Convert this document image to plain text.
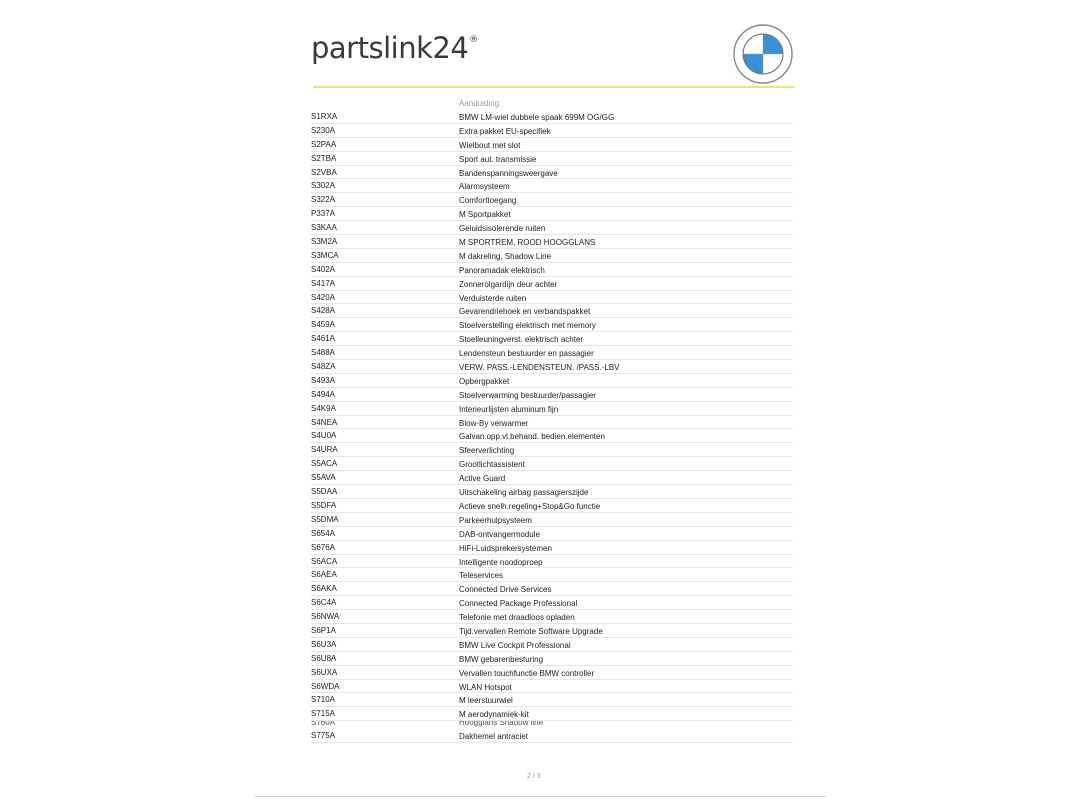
partslink24®
Aanduiding
S1RXA	BMW LM-wiel dubbele spaak 699M OG/GG
S230A	Extra pakket EU-specifiek
S2PAA	Wielbout met slot
S2TBA	Sport aut. transmissie
S2VBA	Bandenspanningsweergave
S302A	Alarmsysteem
S322A	Comforttoegang
P337A	M Sportpakket
S3KAA	Geluidsisolerende ruiten
S3M2A	M SPORTREM, ROOD HOOGGLANS
S3MCA	M dakreling, Shadow Line
S402A	Panoramadak elektrisch
S417A	Zonnerolgardijn deur achter
S420A	Verduisterde ruiten
S428A	Gevarendriehoek en verbandspakket
S459A	Stoelverstelling elektrisch met memory
S461A	Stoelleuningverst. elektrisch achter
S488A	Lendensteun bestuurder en passagier
S48ZA	VERW. PASS.-LENDENSTEUN. /PASS.-LBV
S493A	Opbergpakket
S494A	Stoelverwarming bestuurder/passagier
S4K9A	Interieurlijsten aluminum fijn
S4NEA	Blow-By verwarmer
S4U0A	Galvan.opp.vl.behand. bedien.elementen
S4URA	Sfeerverlichting
S5ACA	Grootlichtassistent
S5AVA	Active Guard
S5DAA	Uitschakeling airbag passagierszijde
S5DFA	Actieve snelh.regeling+Stop&Go functie
S5DMA	Parkeerhulpsysteem
S654A	DAB-ontvangermodule
S676A	HiFi-Luidsprekersystemen
S6ACA	Intelligente noodoproep
S6AEA	Teleservices
S6AKA	Connected Drive Services
S6C4A	Connected Package Professional
S6NWA	Telefonie met draadloos opladen
S6P1A	Tijd.vervallen Remote Software Upgrade
S6U3A	BMW Live Cockpit Professional
S6U8A	BMW gebarenbesturing
S6UXA	Vervallen touchfunctie BMW controller
S6WDA	WLAN Hotspot
S710A	M leerstuurwiel
S715A	M aerodynamiek-kit
S760A	Hoogglans Shadow line
S775A	Dakhemel antraciet
2 / 3
